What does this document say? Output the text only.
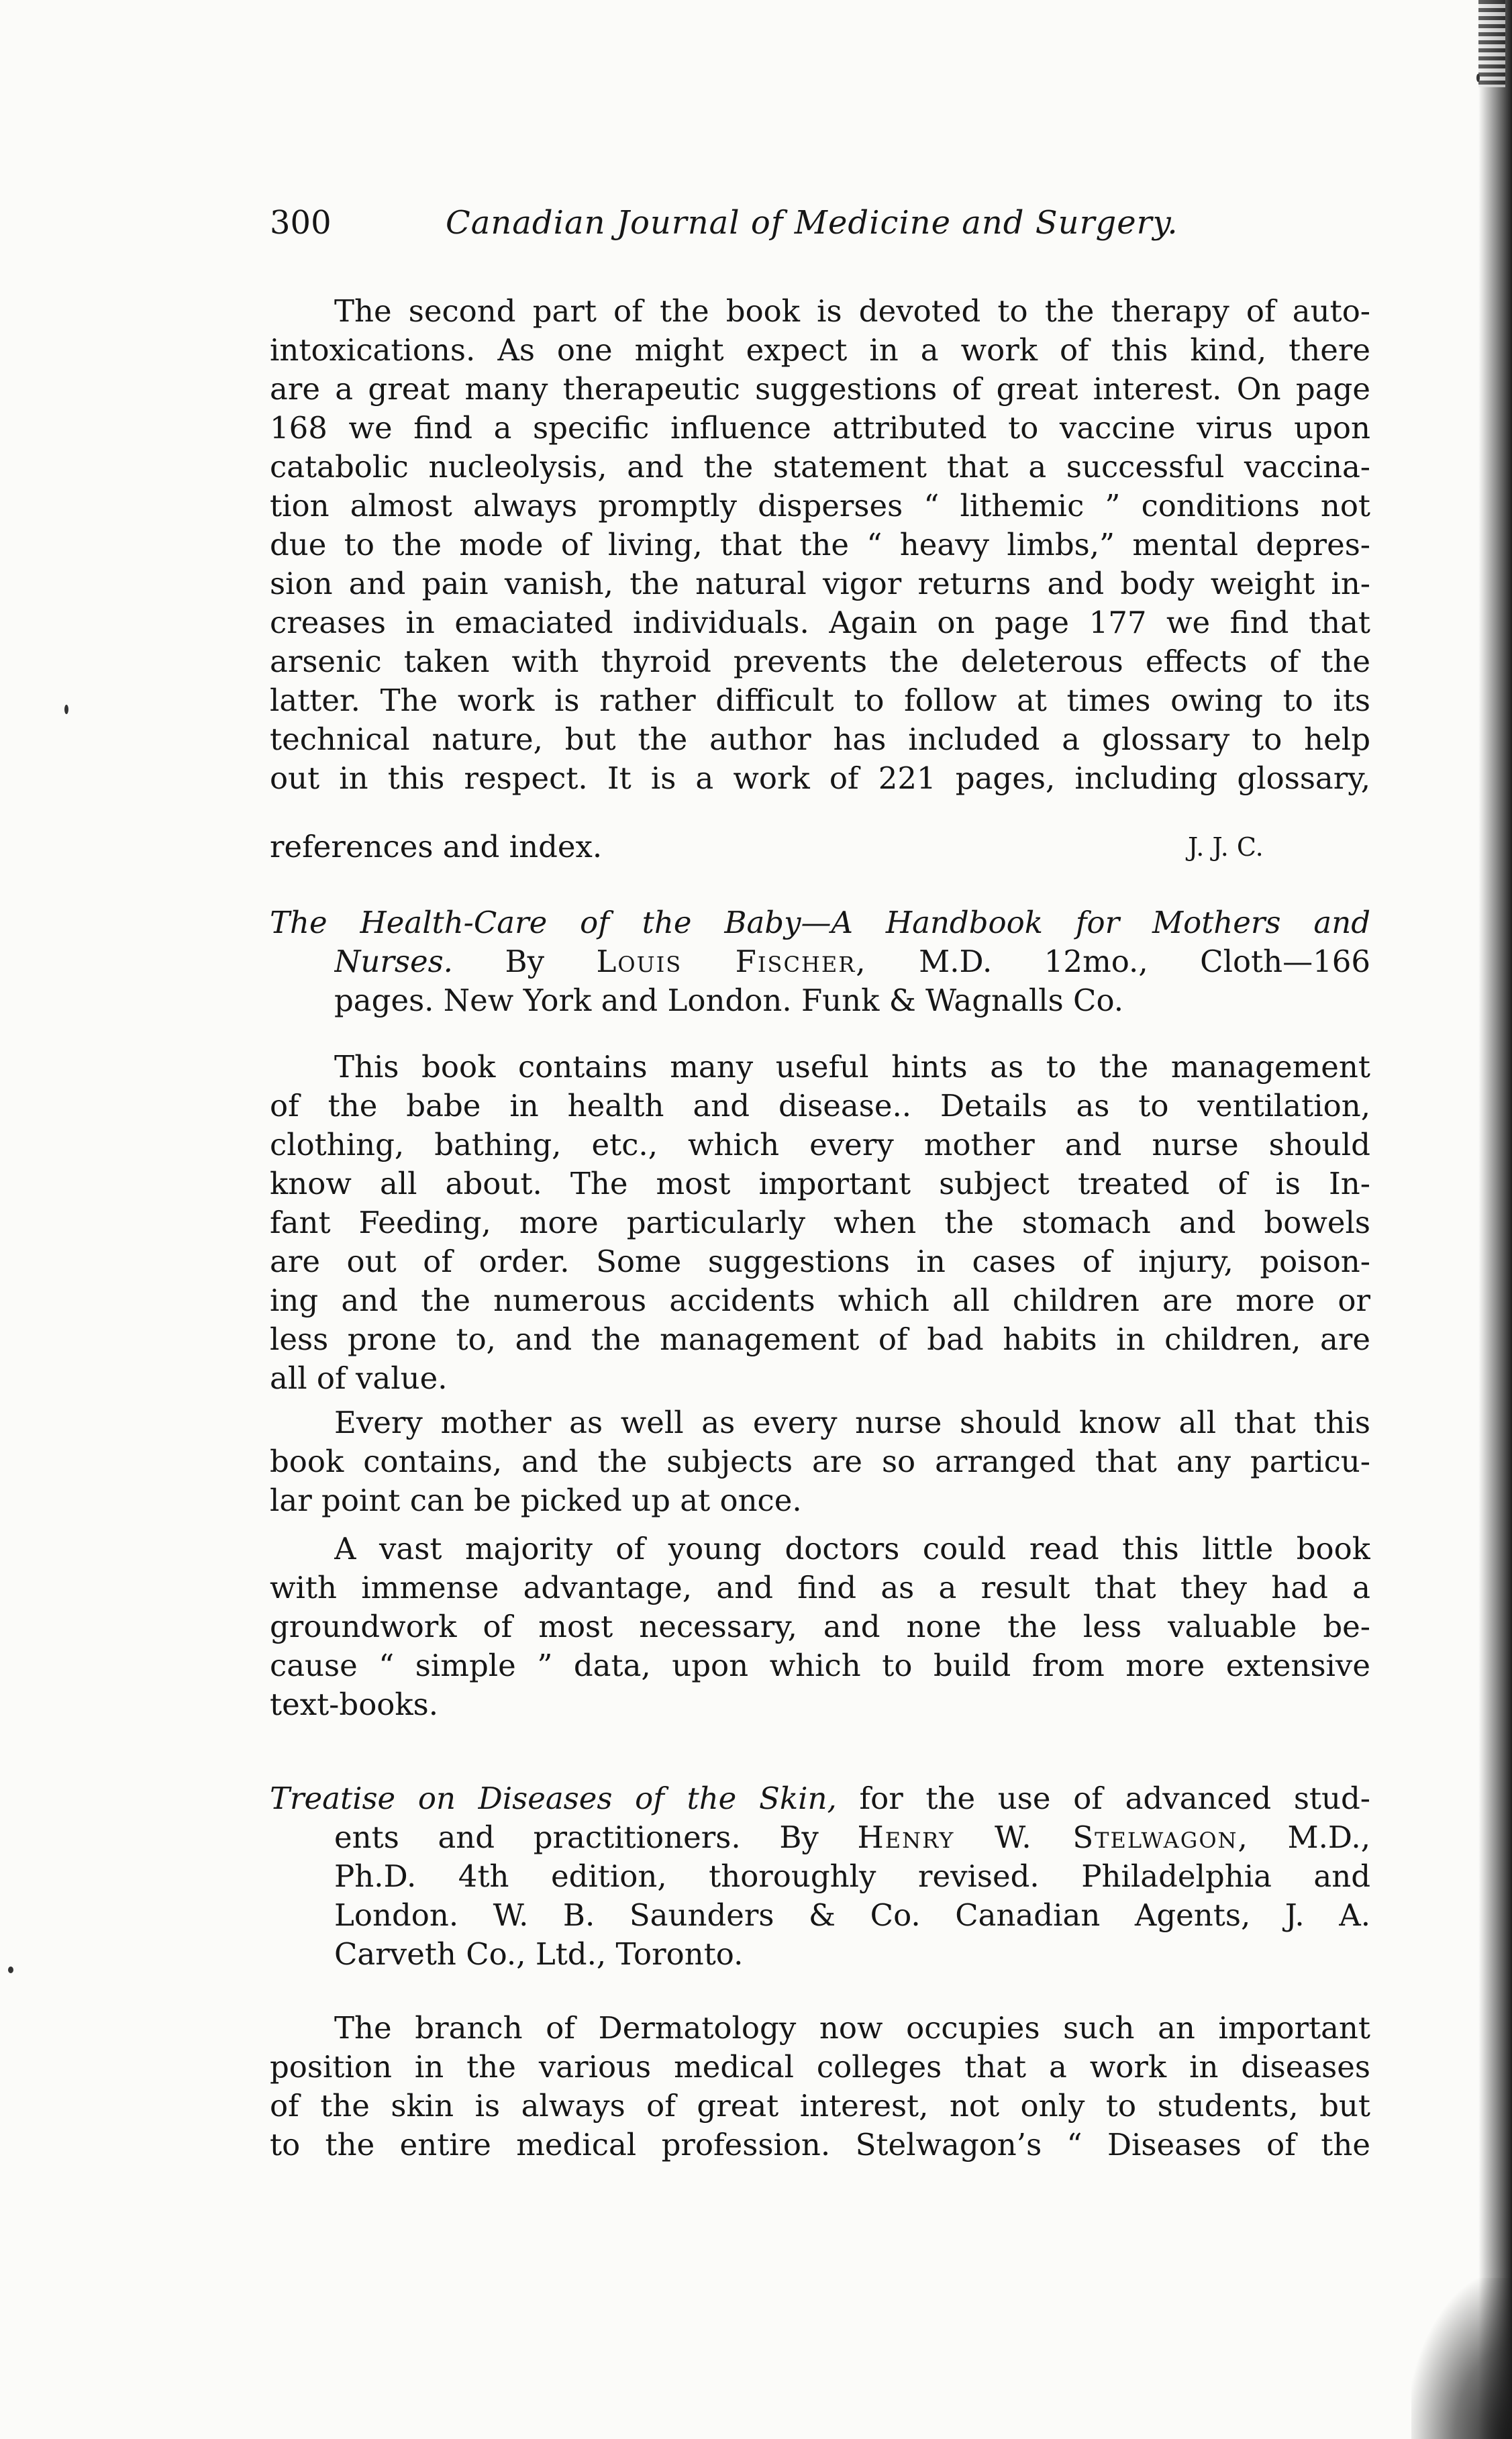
300	Canadian Journal of Medicine and Surgery.
The second part of the book is devoted to the therapy of auto-
intoxications. As one might expect in a work of this kind, there
are a great many therapeutic suggestions of great interest. On page
168 we find a specific influence attributed to vaccine virus upon
catabolic nucleolysis, and the statement that a successful vaccina-
tion almost always promptly disperses “ lithemic ” conditions not
due to the mode of living, that the “ heavy limbs,” mental depres-
sion and pain vanish, the natural vigor returns and body weight in-
creases in emaciated individuals. Again on page 177 we find that
arsenic taken with thyroid prevents the deleterous effects of the
latter. The work is rather difficult to follow at times owing to its
technical nature, but the author has included a glossary to help
out in this respect. It is a work of 221 pages, including glossary,
references and index.	J. J. C.
The Health-Care of the Baby—A Handbook for Mothers and
Nurses. By Louis Fischer, M.D. 12mo., Cloth—166
pages. New York and London. Funk & Wagnalls Co.
This book contains many useful hints as to the management
of the babe in health and disease.. Details as to ventilation,
clothing, bathing, etc., which every mother and nurse should
know all about. The most important subject treated of is In-
fant Feeding, more particularly when the stomach and bowels
are out of order. Some suggestions in cases of injury, poison-
ing and the numerous accidents which all children are more or
less prone to, and the management of bad habits in children, are
all of value.
Every mother as well as every nurse should know all that this
book contains, and the subjects are so arranged that any particu-
lar point can be picked up at once.
A vast majority of young doctors could read this little book
with immense advantage, and find as a result that they had a
groundwork of most necessary, and none the less valuable be-
cause “ simple ” data, upon which to build from more extensive
text-books.
Treatise on Diseases of the Skin, for the use of advanced stud-
ents and practitioners. By Henry W. Stelwagon, M.D.,
Ph.D. 4th edition, thoroughly revised. Philadelphia and
London. W. B. Saunders & Co. Canadian Agents, J. A.
Carveth Co., Ltd., Toronto.
The branch of Dermatology now occupies such an important
position in the various medical colleges that a work in diseases
of the skin is always of great interest, not only to students, but
to the entire medical profession. Stelwagon’s “ Diseases of the
